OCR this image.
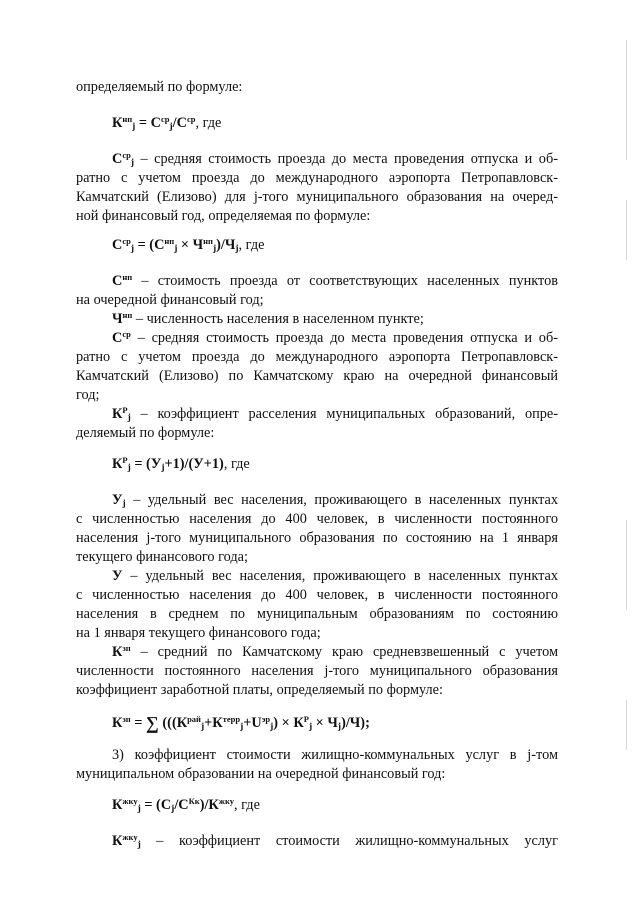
определяемый по формуле:
$К^{нп}_j = С^{ср}_j/С^{ср}$, где
$С^{ср}_j$ – средняя стоимость проезда до места проведения отпуска и об-
ратно с учетом проезда до международного аэропорта Петропавловск-
Камчатский (Елизово) для j-того муниципального образования на очеред-
ной финансовый год, определяемая по формуле:
$С^{ср}_j = (С^{нп}_j \times Ч^{нп}_j)/Ч_j$, где
$С^{нп}$ – стоимость проезда от соответствующих населенных пунктов
на очередной финансовый год;
$Ч^{нп}$ – численность населения в населенном пункте;
$С^{ср}$ – средняя стоимость проезда до места проведения отпуска и об-
ратно с учетом проезда до международного аэропорта Петропавловск-
Камчатский (Елизово) по Камчатскому краю на очередной финансовый
год;
$К^Р_j$ – коэффициент расселения муниципальных образований, опре-
деляемый по формуле:
$К^Р_j = (У_j+1)/(У+1)$, где
$У_j$ – удельный вес населения, проживающего в населенных пунктах
с численностью населения до 400 человек, в численности постоянного
населения j-того муниципального образования по состоянию на 1 января
текущего финансового года;
У – удельный вес населения, проживающего в населенных пунктах
с численностью населения до 400 человек, в численности постоянного
населения в среднем по муниципальным образованиям по состоянию
на 1 января текущего финансового года;
$К^{зп}$ – средний по Камчатскому краю средневзвешенный с учетом
численности постоянного населения j-того муниципального образования
коэффициент заработной платы, определяемый по формуле:
$К^{зп}$ = ∑ $(((К^{рай}_j+К^{терр}_j+U^{эр}_j) \times К^Р_j \times Ч_j)/Ч)$;
3) коэффициент стоимости жилищно-коммунальных услуг в j-том
муниципальном образовании на очередной финансовый год:
$К^{жку}_j = (С_j/С^{Кк})/К^{жку}$, где
$К^{жку}_j$ – коэффициент стоимости жилищно-коммунальных услуг
